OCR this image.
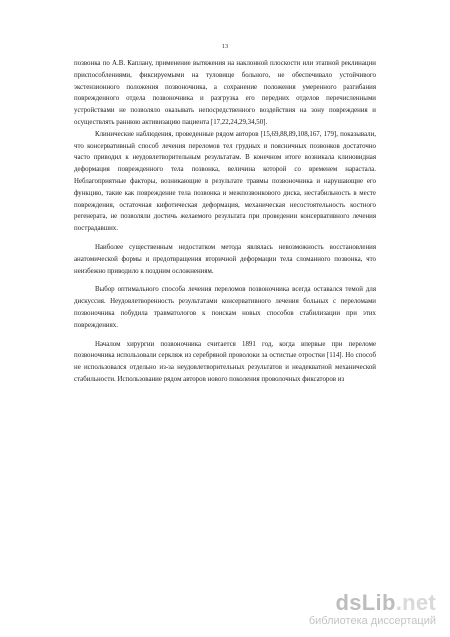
13

позвонка по А.В. Каплану, применение вытяжения на наклонной плоскости или этапной реклинации приспособлениями, фиксируемыми на туловище больного, не обеспечивало устойчивого экстензионного положения позвоночника, а сохранение положения умеренного разгибания поврежденного отдела позвоночника и разгрузка его передних отделов перечисленными устройствами не позволяло оказывать непосредственного воздействия на зону повреждения и осуществлять раннюю активизацию пациента [17,22,24,29,34,50].

Клинические наблюдения, проведенные рядом авторов [15,69,88,89,108,167, 179], показывали, что консервативный способ лечения переломов тел грудных и поясничных позвонков достаточно часто приводил к неудовлетворительным результатам. В конечном итоге возникала клиновидная деформация поврежденного тела позвонка, величина которой со временем нарастала. Неблагоприятные факторы, возникающие в результате травмы позвоночника и нарушающие его функцию, такие как повреждение тела позвонка и межпозвонкового диска, нестабильность в месте повреждения, остаточная кифотическая деформация, механическая несостоятельность костного регенерата, не позволяли достичь желаемого результата при проведении консервативного лечения пострадавших.

Наиболее существенным недостатком метода являлась невозможность восстановления анатомической формы и предотвращения вторичной деформации тела сломанного позвонка, что неизбежно приводило к поздним осложнениям.

Выбор оптимального способа лечения переломов позвоночника всегда оставался темой для дискуссия. Неудовлетворенность результатами консервативного лечения больных с переломами позвоночника побудила травматологов к поискам новых способов стабилизации при этих повреждениях.

Началом хирургии позвоночника считается 1891 год, когда впервые при переломе позвоночника использовали серкляж из серебряной проволоки за остистые отростки [114]. Но способ не использовался отдельно из-за неудовлетворительных результатов и неадекватной механической стабильности. Использование рядом авторов нового поколения проволочных фиксаторов из

dsLib.net
библиотека диссертаций
